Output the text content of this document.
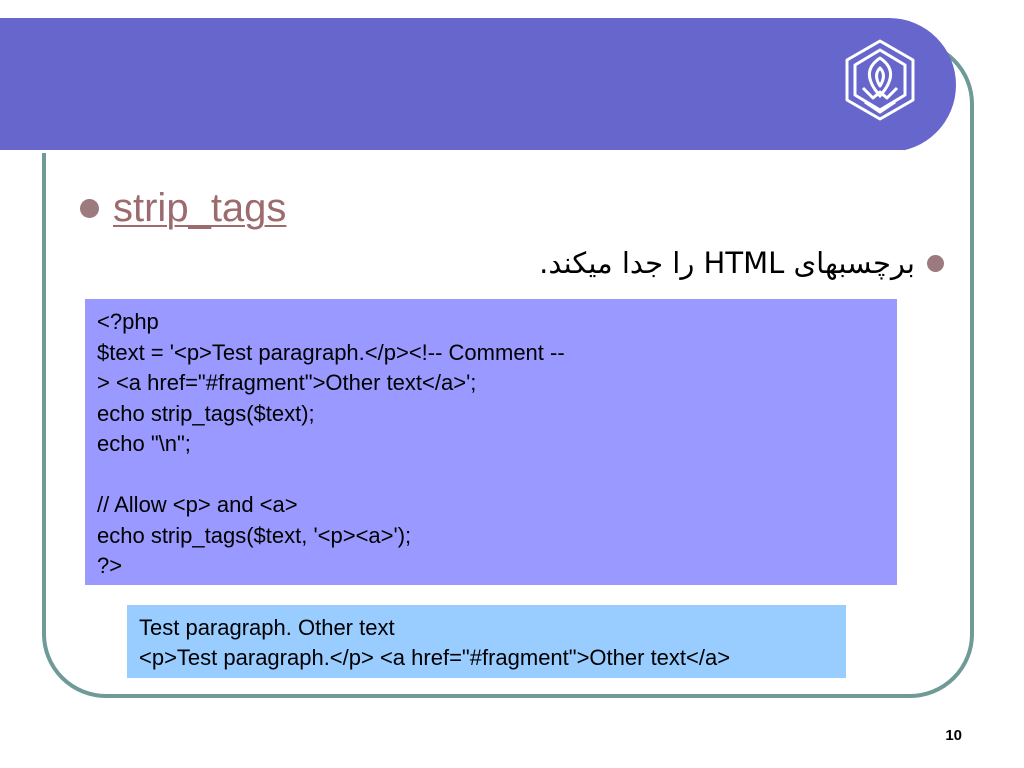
strip_tags
برچسبهای HTML را جدا میکند.
<?php
$text = '<p>Test paragraph.</p><!-- Comment --
> <a href="#fragment">Other text</a>';
echo strip_tags($text);
echo "\n";

// Allow <p> and <a>
echo strip_tags($text, '<p><a>');
?>
Test paragraph. Other text
<p>Test paragraph.</p> <a href="#fragment">Other text</a>
10
